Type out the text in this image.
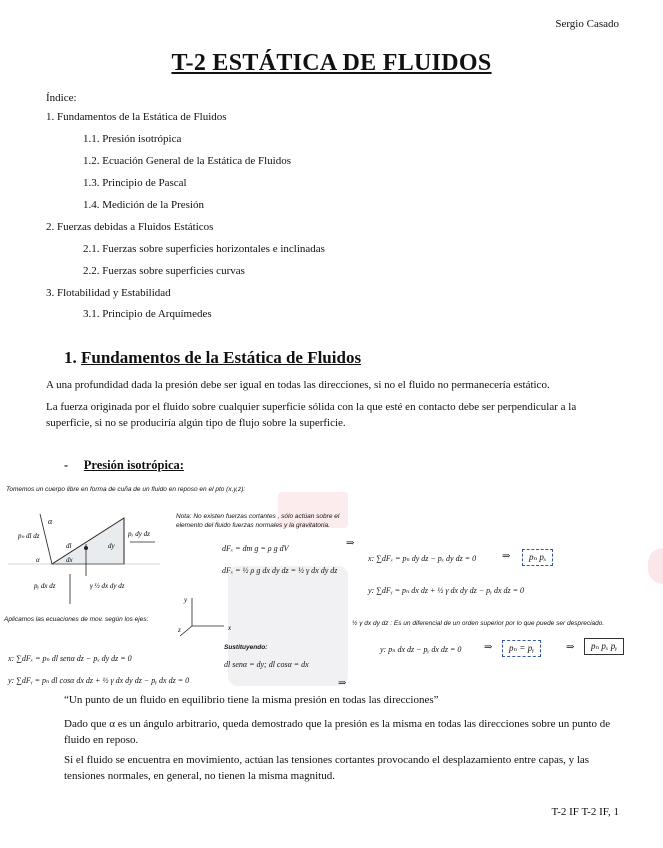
Sergio Casado
T-2 ESTÁTICA DE FLUIDOS
Índice:
1. Fundamentos de la Estática de Fluidos
1.1. Presión isotrópica
1.2. Ecuación General de la Estática de Fluidos
1.3. Principio de Pascal
1.4. Medición de la Presión
2. Fuerzas debidas a Fluidos Estáticos
2.1. Fuerzas sobre superficies horizontales e inclinadas
2.2. Fuerzas sobre superficies curvas
3. Flotabilidad y Estabilidad
3.1. Principio de Arquímedes
1. Fundamentos de la Estática de Fluidos
A una profundidad dada la presión debe ser igual en todas las direcciones, si no el fluido no permanecería estático.
La fuerza originada por el fluido sobre cualquier superficie sólida con la que esté en contacto debe ser perpendicular a la superficie, si no se produciría algún tipo de flujo sobre la superficie.
- Presión isotrópica:
Tomemos un cuerpo libre en forma de cuña de un fluido en reposo en el pto (x,y,z):
α
pₙ dl dz
dl	dy
dx
α
pₓ dy dz
pᵧ dx dz	γ ½ dx dy dz
Nota: No existen fuerzas cortantes , sólo actúan sobre el elemento del fluido fuerzas normales y la gravitatoria.
dFₓ = dm g = ρ g dV
dFₓ = ½ ρ g dx dy dz = ½ γ dx dy dz
y
x
z
Aplicamos las ecuaciones de mov. según los ejes:
x: ∑dFₓ = pₙ dl senα dz − pₓ dy dz = 0
y: ∑dFᵧ = pₙ dl cosα dx dz + ½ γ dx dy dz − pᵧ dx dz = 0
Sustituyendo:
dl senα = dy; dl cosα = dx
⇒
x: ∑dFₓ = pₙ dy dz − pₓ dy dz = 0	⇒	pₙ pₓ
y: ∑dFᵧ = pₙ dx dz + ½ γ dx dy dz − pᵧ dx dz = 0
½ γ dx dy dz : Es un diferencial de un orden superior por lo que puede ser despreciado.
y: pₙ dx dz − pᵧ dx dz = 0 ⇒	pₙ = pᵧ	⇒	pₙ pₓ pᵧ
⇒
“Un punto de un fluido en equilibrio tiene la misma presión en todas las direcciones”
Dado que α es un ángulo arbitrario, queda demostrado que la presión es la misma en todas las direcciones sobre un punto de fluido en reposo.
Si el fluido se encuentra en movimiento, actúan las tensiones cortantes provocando el desplazamiento entre capas, y las tensiones normales, en general, no tienen la misma magnitud.
T-2 IF T-2 IF, 1
